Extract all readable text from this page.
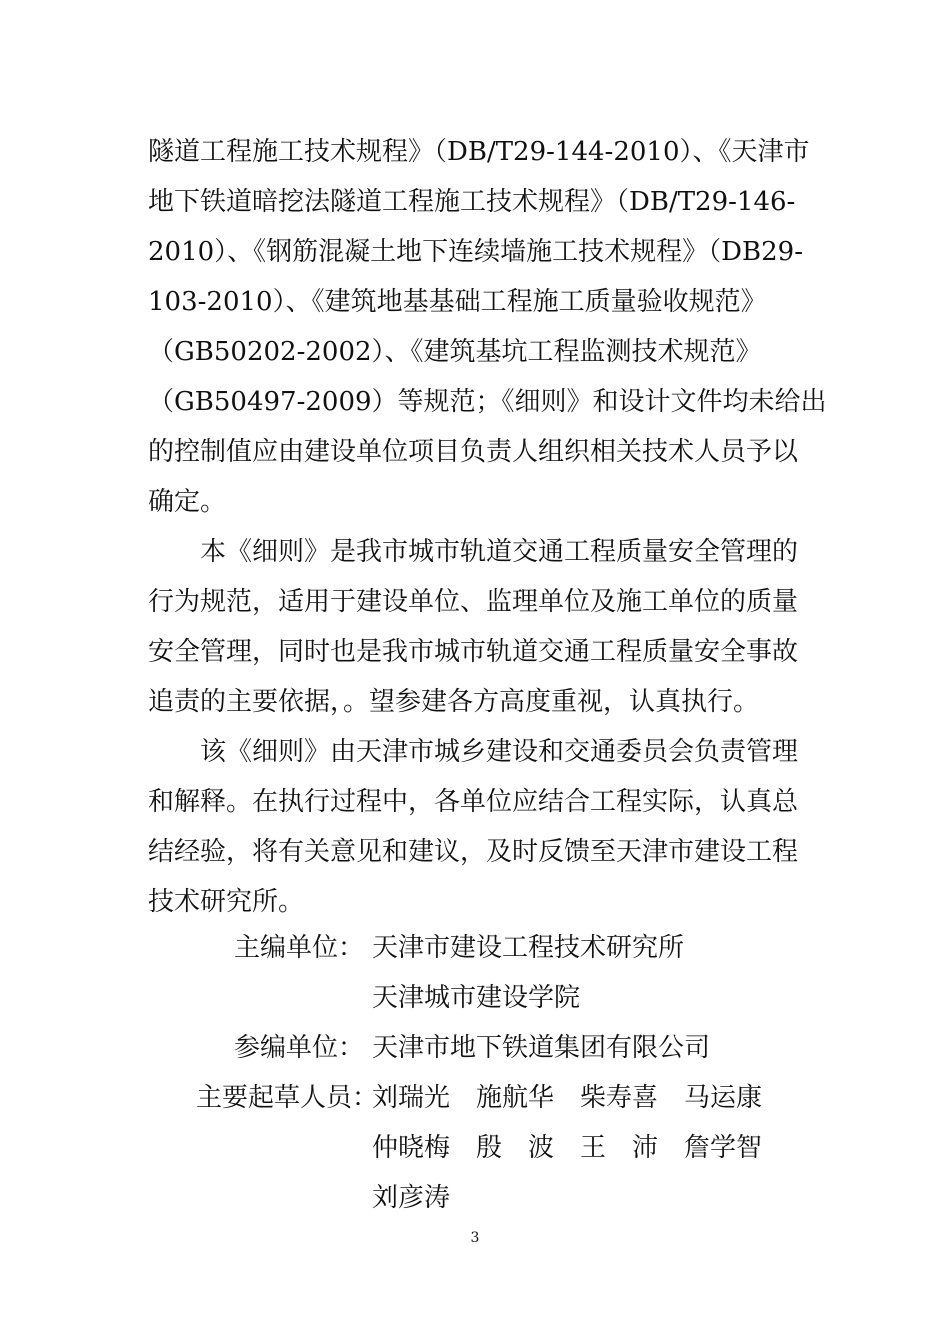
隧道工程施工技术规程》（DB/T29-144-2010）、《天津市
地下铁道暗挖法隧道工程施工技术规程》（DB/T29-146-
2010）、《钢筋混凝土地下连续墙施工技术规程》（DB29-
103-2010）、《建筑地基基础工程施工质量验收规范》
（GB50202-2002）、《建筑基坑工程监测技术规范》
（GB50497-2009）等规范；《细则》和设计文件均未给出
的控制值应由建设单位项目负责人组织相关技术人员予以
确定。
本《细则》是我市城市轨道交通工程质量安全管理的
行为规范，适用于建设单位、监理单位及施工单位的质量
安全管理，同时也是我市城市轨道交通工程质量安全事故
追责的主要依据，。望参建各方高度重视，认真执行。
该《细则》由天津市城乡建设和交通委员会负责管理
和解释。在执行过程中，各单位应结合工程实际，认真总
结经验，将有关意见和建议，及时反馈至天津市建设工程
技术研究所。
主编单位： 天津市建设工程技术研究所
天津城市建设学院
参编单位： 天津市地下铁道集团有限公司
主要起草人员：
刘瑞光 施航华 柴寿喜 马运康
仲晓梅 殷　波 王　沛 詹学智
刘彦涛
3
